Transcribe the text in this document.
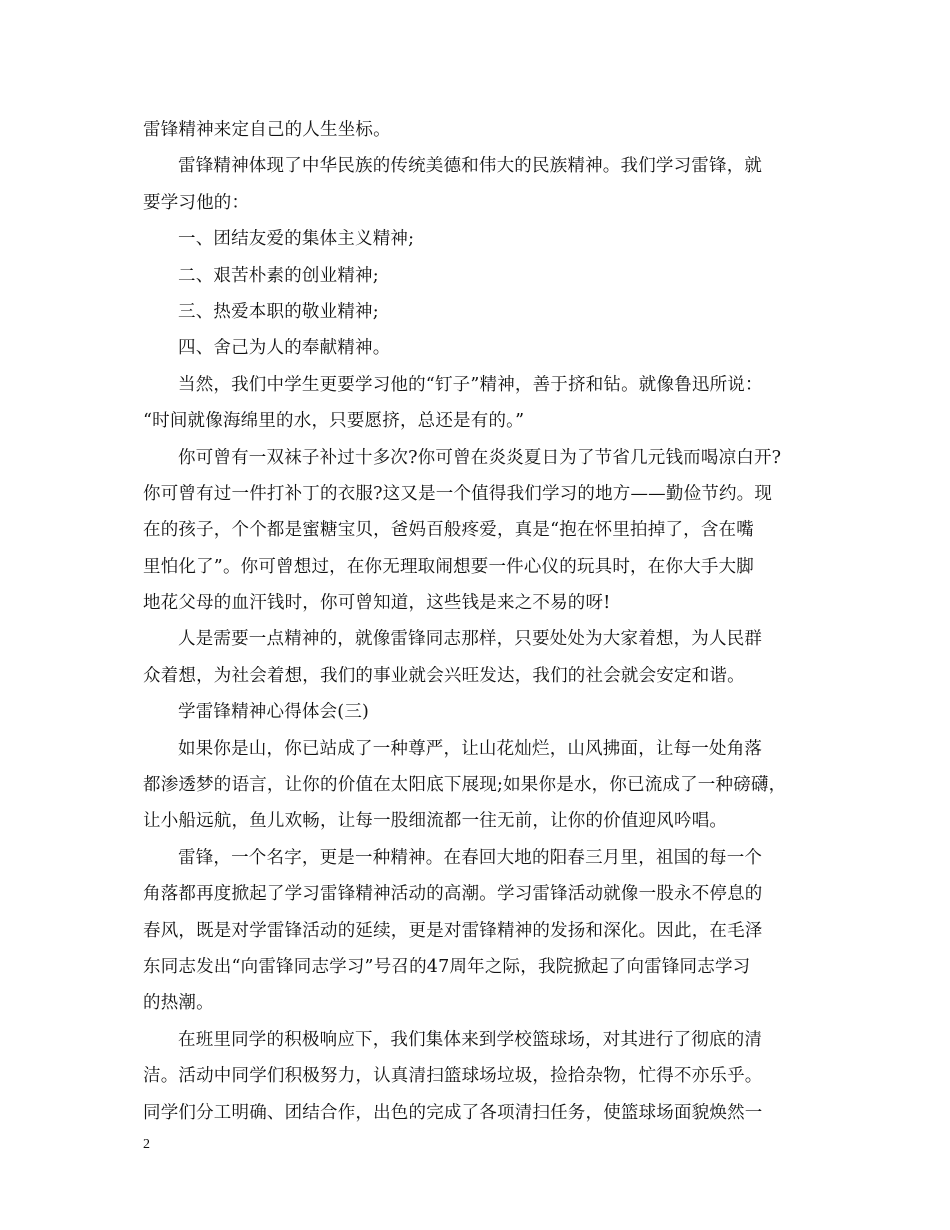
雷锋精神来定自己的人生坐标。
雷锋精神体现了中华民族的传统美德和伟大的民族精神。我们学习雷锋，就
要学习他的：
一、团结友爱的集体主义精神;
二、艰苦朴素的创业精神;
三、热爱本职的敬业精神;
四、舍己为人的奉献精神。
当然，我们中学生更要学习他的“钉子”精神，善于挤和钻。就像鲁迅所说：
“时间就像海绵里的水，只要愿挤，总还是有的。”
你可曾有一双袜子补过十多次?你可曾在炎炎夏日为了节省几元钱而喝凉白开?
你可曾有过一件打补丁的衣服?这又是一个值得我们学习的地方——勤俭节约。现
在的孩子，个个都是蜜糖宝贝，爸妈百般疼爱，真是“抱在怀里拍掉了，含在嘴
里怕化了”。你可曾想过，在你无理取闹想要一件心仪的玩具时，在你大手大脚
地花父母的血汗钱时，你可曾知道，这些钱是来之不易的呀!
人是需要一点精神的，就像雷锋同志那样，只要处处为大家着想，为人民群
众着想，为社会着想，我们的事业就会兴旺发达，我们的社会就会安定和谐。
学雷锋精神心得体会(三)
如果你是山，你已站成了一种尊严，让山花灿烂，山风拂面，让每一处角落
都渗透梦的语言，让你的价值在太阳底下展现;如果你是水，你已流成了一种磅礴，
让小船远航，鱼儿欢畅，让每一股细流都一往无前，让你的价值迎风吟唱。
雷锋，一个名字，更是一种精神。在春回大地的阳春三月里，祖国的每一个
角落都再度掀起了学习雷锋精神活动的高潮。学习雷锋活动就像一股永不停息的
春风，既是对学雷锋活动的延续，更是对雷锋精神的发扬和深化。因此，在毛泽
东同志发出“向雷锋同志学习”号召的47周年之际，我院掀起了向雷锋同志学习
的热潮。
在班里同学的积极响应下，我们集体来到学校篮球场，对其进行了彻底的清
洁。活动中同学们积极努力，认真清扫篮球场垃圾，捡拾杂物，忙得不亦乐乎。
同学们分工明确、团结合作，出色的完成了各项清扫任务，使篮球场面貌焕然一
2
